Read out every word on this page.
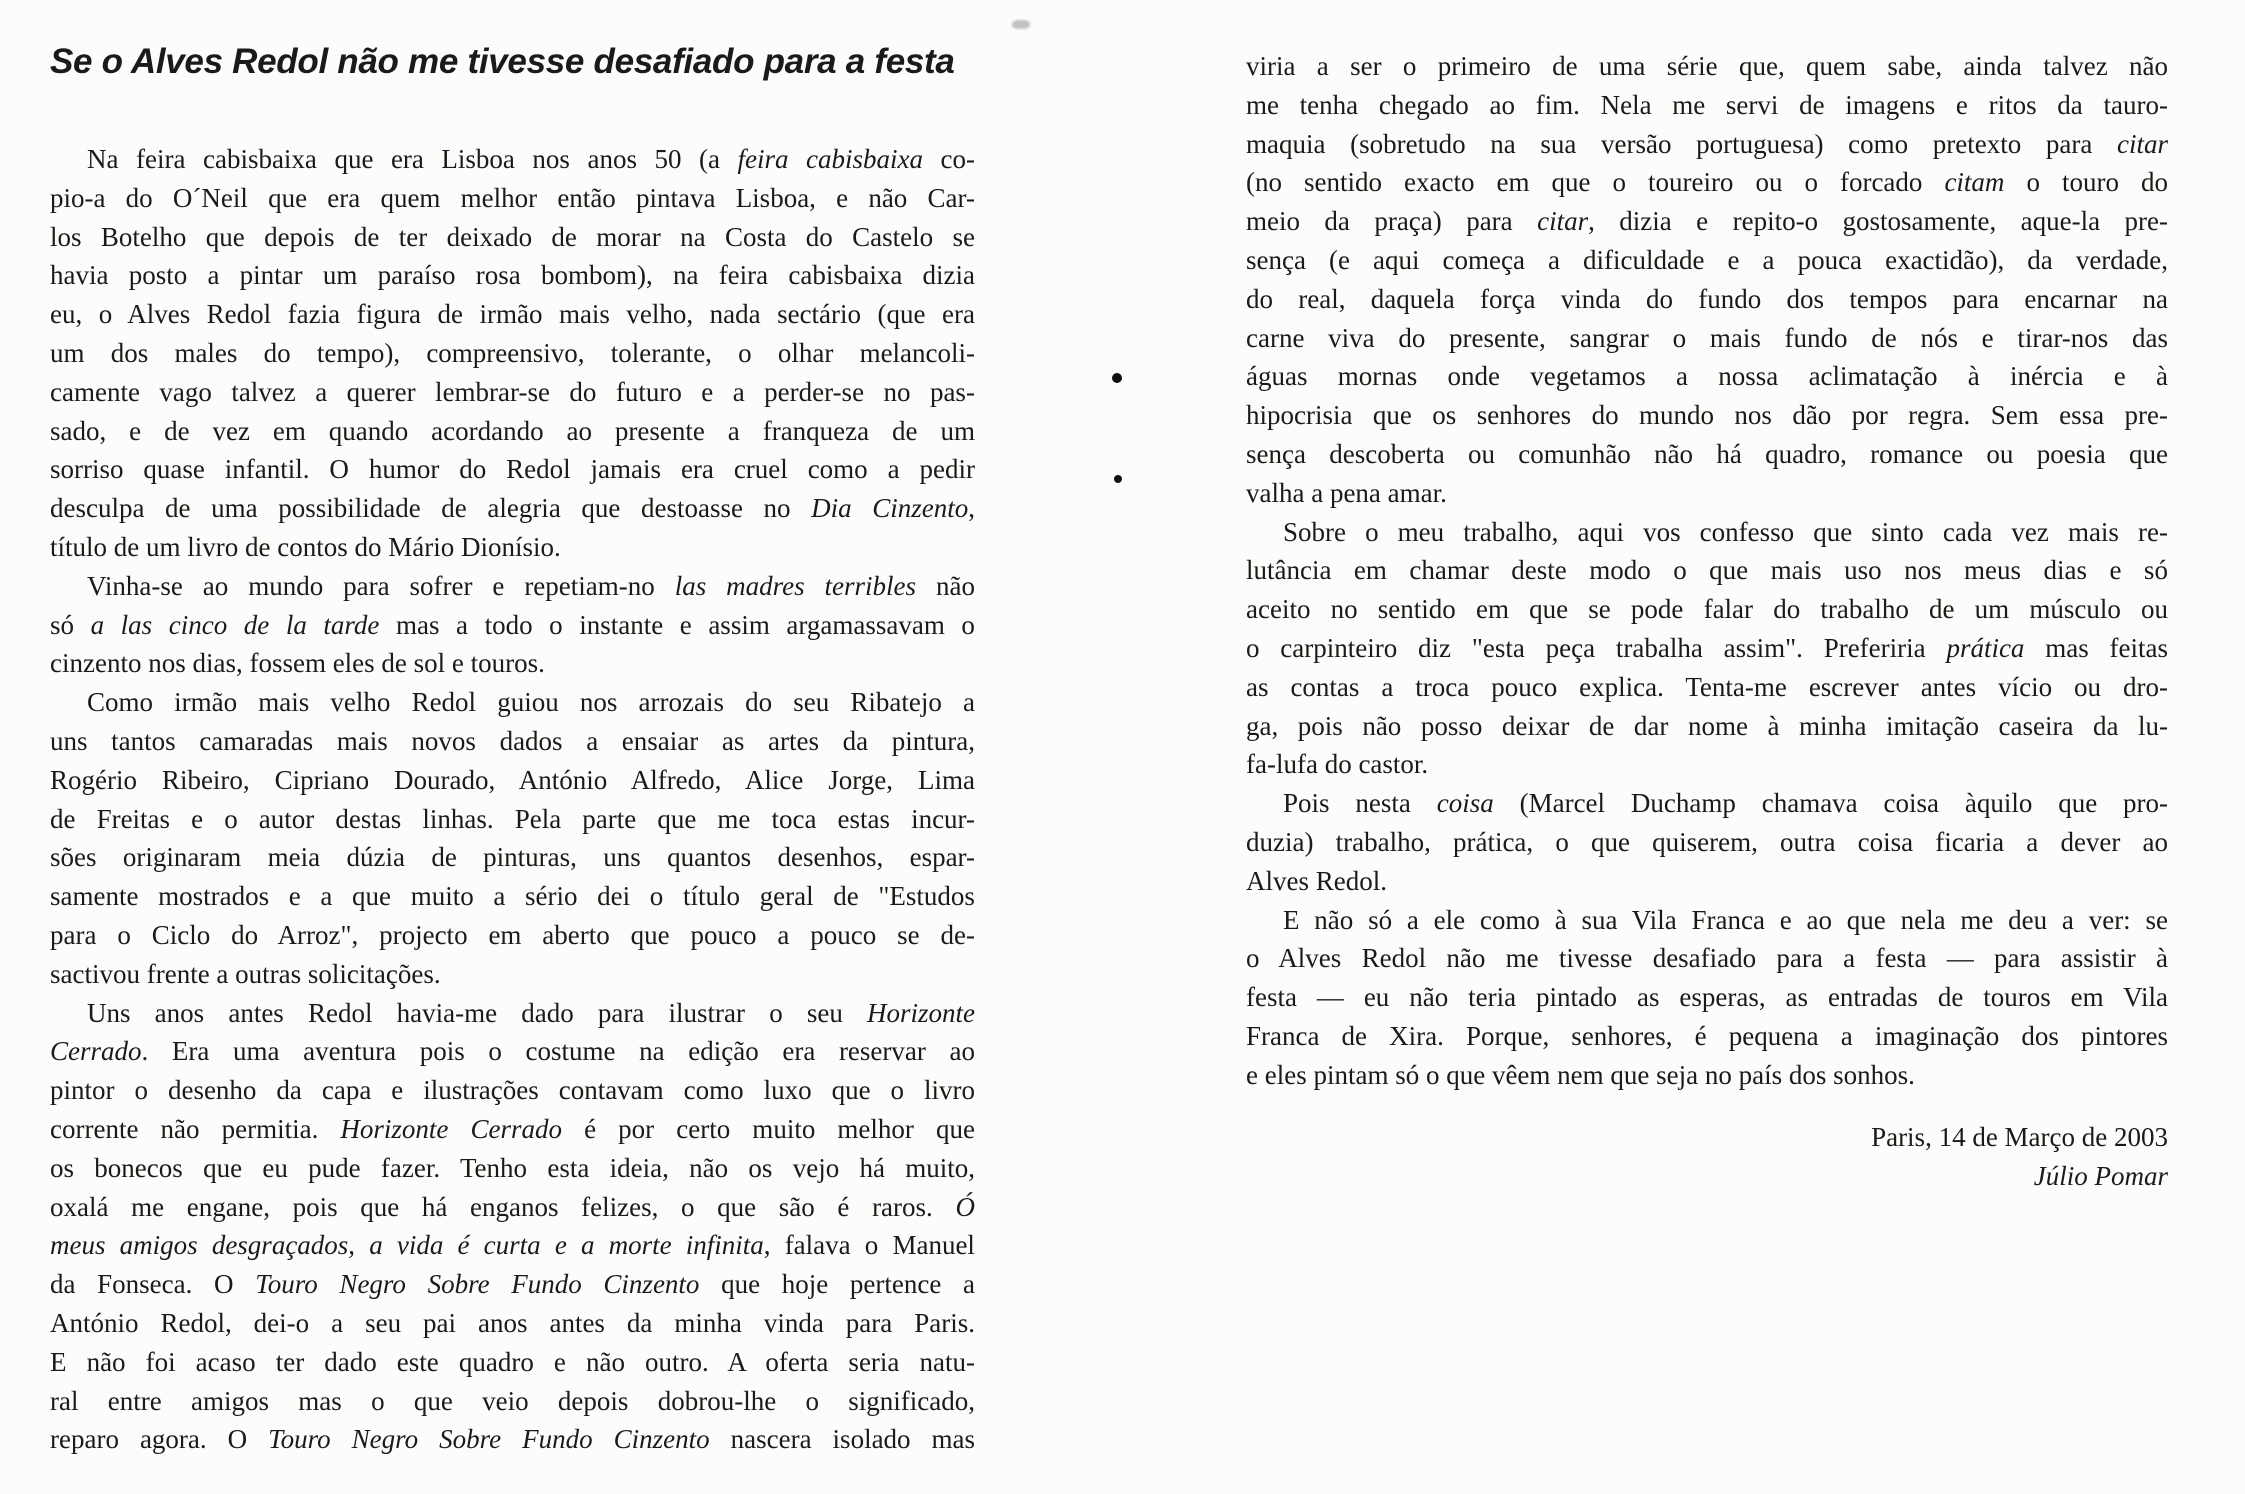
Se o Alves Redol não me tivesse desafiado para a festa
Na feira cabisbaixa que era Lisboa nos anos 50 (a feira cabisbaixa co-
pio-a do O´Neil que era quem melhor então pintava Lisboa, e não Car-
los Botelho que depois de ter deixado de morar na Costa do Castelo se
havia posto a pintar um paraíso rosa bombom), na feira cabisbaixa dizia
eu, o Alves Redol fazia figura de irmão mais velho, nada sectário (que era
um dos males do tempo), compreensivo, tolerante, o olhar melancoli-
camente vago talvez a querer lembrar-se do futuro e a perder-se no pas-
sado, e de vez em quando acordando ao presente a franqueza de um
sorriso quase infantil. O humor do Redol jamais era cruel como a pedir
desculpa de uma possibilidade de alegria que destoasse no Dia Cinzento,
título de um livro de contos do Mário Dionísio.
Vinha-se ao mundo para sofrer e repetiam-no las madres terribles não
só a las cinco de la tarde mas a todo o instante e assim argamassavam o
cinzento nos dias, fossem eles de sol e touros.
Como irmão mais velho Redol guiou nos arrozais do seu Ribatejo a
uns tantos camaradas mais novos dados a ensaiar as artes da pintura,
Rogério Ribeiro, Cipriano Dourado, António Alfredo, Alice Jorge, Lima
de Freitas e o autor destas linhas. Pela parte que me toca estas incur-
sões originaram meia dúzia de pinturas, uns quantos desenhos, espar-
samente mostrados e a que muito a sério dei o título geral de "Estudos
para o Ciclo do Arroz", projecto em aberto que pouco a pouco se de-
sactivou frente a outras solicitações.
Uns anos antes Redol havia-me dado para ilustrar o seu Horizonte
Cerrado. Era uma aventura pois o costume na edição era reservar ao
pintor o desenho da capa e ilustrações contavam como luxo que o livro
corrente não permitia. Horizonte Cerrado é por certo muito melhor que
os bonecos que eu pude fazer. Tenho esta ideia, não os vejo há muito,
oxalá me engane, pois que há enganos felizes, o que são é raros. Ó
meus amigos desgraçados, a vida é curta e a morte infinita, falava o Manuel
da Fonseca. O Touro Negro Sobre Fundo Cinzento que hoje pertence a
António Redol, dei-o a seu pai anos antes da minha vinda para Paris.
E não foi acaso ter dado este quadro e não outro. A oferta seria natu-
ral entre amigos mas o que veio depois dobrou-lhe o significado,
reparo agora. O Touro Negro Sobre Fundo Cinzento nascera isolado mas
viria a ser o primeiro de uma série que, quem sabe, ainda talvez não
me tenha chegado ao fim. Nela me servi de imagens e ritos da tauro-
maquia (sobretudo na sua versão portuguesa) como pretexto para citar
(no sentido exacto em que o toureiro ou o forcado citam o touro do
meio da praça) para citar, dizia e repito-o gostosamente, aque-la pre-
sença (e aqui começa a dificuldade e a pouca exactidão), da verdade,
do real, daquela força vinda do fundo dos tempos para encarnar na
carne viva do presente, sangrar o mais fundo de nós e tirar-nos das
águas mornas onde vegetamos a nossa aclimatação à inércia e à
hipocrisia que os senhores do mundo nos dão por regra. Sem essa pre-
sença descoberta ou comunhão não há quadro, romance ou poesia que
valha a pena amar.
Sobre o meu trabalho, aqui vos confesso que sinto cada vez mais re-
lutância em chamar deste modo o que mais uso nos meus dias e só
aceito no sentido em que se pode falar do trabalho de um músculo ou
o carpinteiro diz "esta peça trabalha assim". Preferiria prática mas feitas
as contas a troca pouco explica. Tenta-me escrever antes vício ou dro-
ga, pois não posso deixar de dar nome à minha imitação caseira da lu-
fa-lufa do castor.
Pois nesta coisa (Marcel Duchamp chamava coisa àquilo que pro-
duzia) trabalho, prática, o que quiserem, outra coisa ficaria a dever ao
Alves Redol.
E não só a ele como à sua Vila Franca e ao que nela me deu a ver: se
o Alves Redol não me tivesse desafiado para a festa — para assistir à
festa — eu não teria pintado as esperas, as entradas de touros em Vila
Franca de Xira. Porque, senhores, é pequena a imaginação dos pintores
e eles pintam só o que vêem nem que seja no país dos sonhos.
Paris, 14 de Março de 2003
Júlio Pomar
